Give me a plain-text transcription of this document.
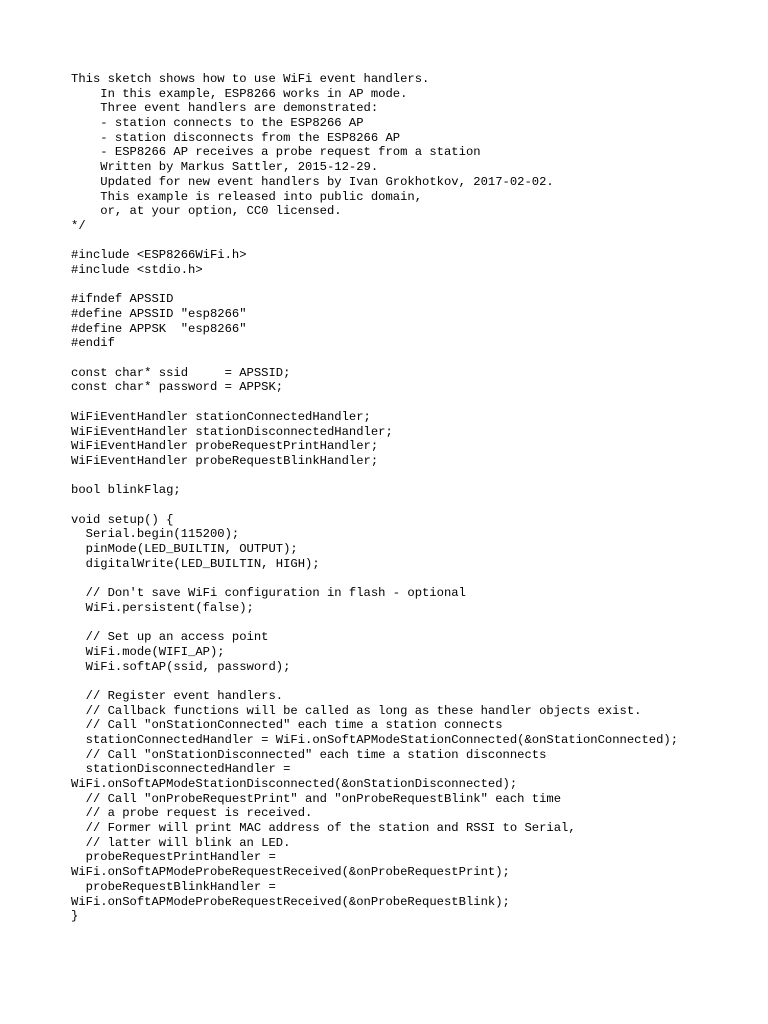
This sketch shows how to use WiFi event handlers.
In this example, ESP8266 works in AP mode.
Three event handlers are demonstrated:
- station connects to the ESP8266 AP
- station disconnects from the ESP8266 AP
- ESP8266 AP receives a probe request from a station
Written by Markus Sattler, 2015-12-29.
Updated for new event handlers by Ivan Grokhotkov, 2017-02-02.
This example is released into public domain,
or, at your option, CC0 licensed.
*/
#include <ESP8266WiFi.h>
#include <stdio.h>
#ifndef APSSID
#define APSSID "esp8266"
#define APPSK  "esp8266"
#endif
const char* ssid     = APSSID;
const char* password = APPSK;
WiFiEventHandler stationConnectedHandler;
WiFiEventHandler stationDisconnectedHandler;
WiFiEventHandler probeRequestPrintHandler;
WiFiEventHandler probeRequestBlinkHandler;
bool blinkFlag;
void setup() {
Serial.begin(115200);
pinMode(LED_BUILTIN, OUTPUT);
digitalWrite(LED_BUILTIN, HIGH);
// Don't save WiFi configuration in flash - optional
WiFi.persistent(false);
// Set up an access point
WiFi.mode(WIFI_AP);
WiFi.softAP(ssid, password);
// Register event handlers.
// Callback functions will be called as long as these handler objects exist.
// Call "onStationConnected" each time a station connects
stationConnectedHandler = WiFi.onSoftAPModeStationConnected(&onStationConnected);
// Call "onStationDisconnected" each time a station disconnects
stationDisconnectedHandler =
WiFi.onSoftAPModeStationDisconnected(&onStationDisconnected);
// Call "onProbeRequestPrint" and "onProbeRequestBlink" each time
// a probe request is received.
// Former will print MAC address of the station and RSSI to Serial,
// latter will blink an LED.
probeRequestPrintHandler =
WiFi.onSoftAPModeProbeRequestReceived(&onProbeRequestPrint);
probeRequestBlinkHandler =
WiFi.onSoftAPModeProbeRequestReceived(&onProbeRequestBlink);
}
